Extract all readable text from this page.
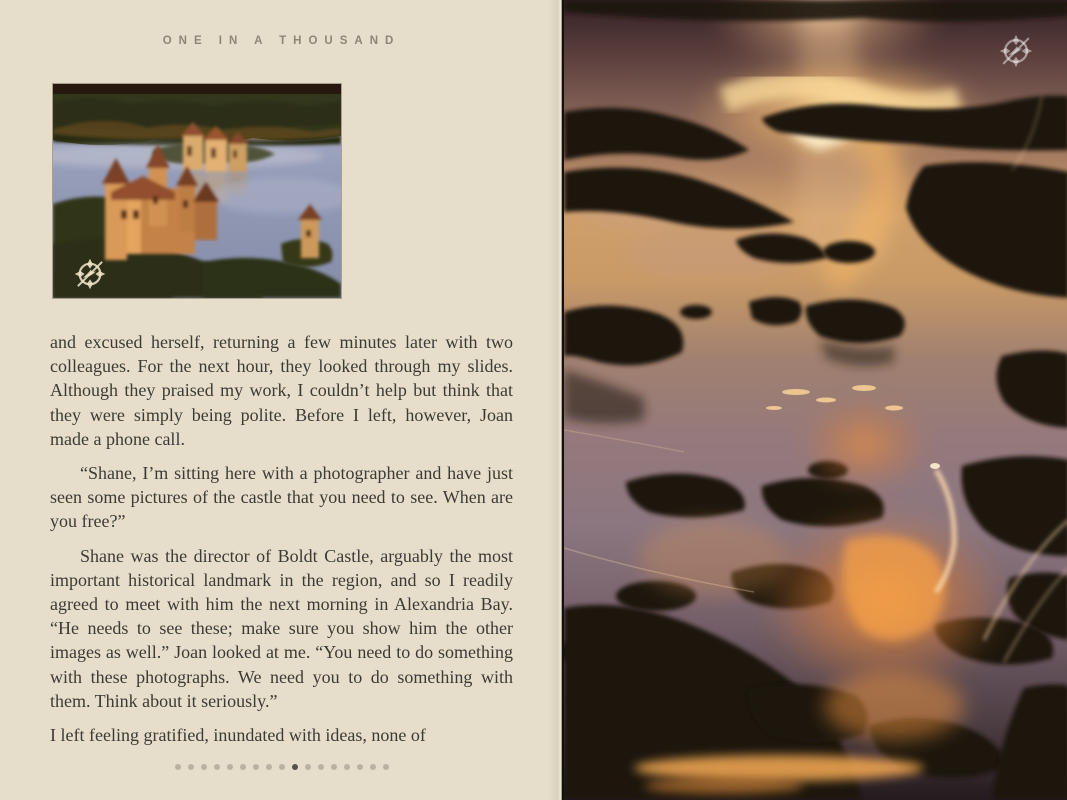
ONE IN A THOUSAND

and excused herself, returning a few minutes later with two colleagues. For the next hour, they looked through my slides. Although they praised my work, I couldn’t help but think that they were simply being polite. Before I left, however, Joan made a phone call.

“Shane, I’m sitting here with a photographer and have just seen some pictures of the castle that you need to see. When are you free?”

Shane was the director of Boldt Castle, arguably the most important historical landmark in the region, and so I readily agreed to meet with him the next morning in Alexandria Bay. “He needs to see these; make sure you show him the other images as well.” Joan looked at me. “You need to do something with these photographs. We need you to do something with them. Think about it seriously.”

I left feeling gratified, inundated with ideas, none of
